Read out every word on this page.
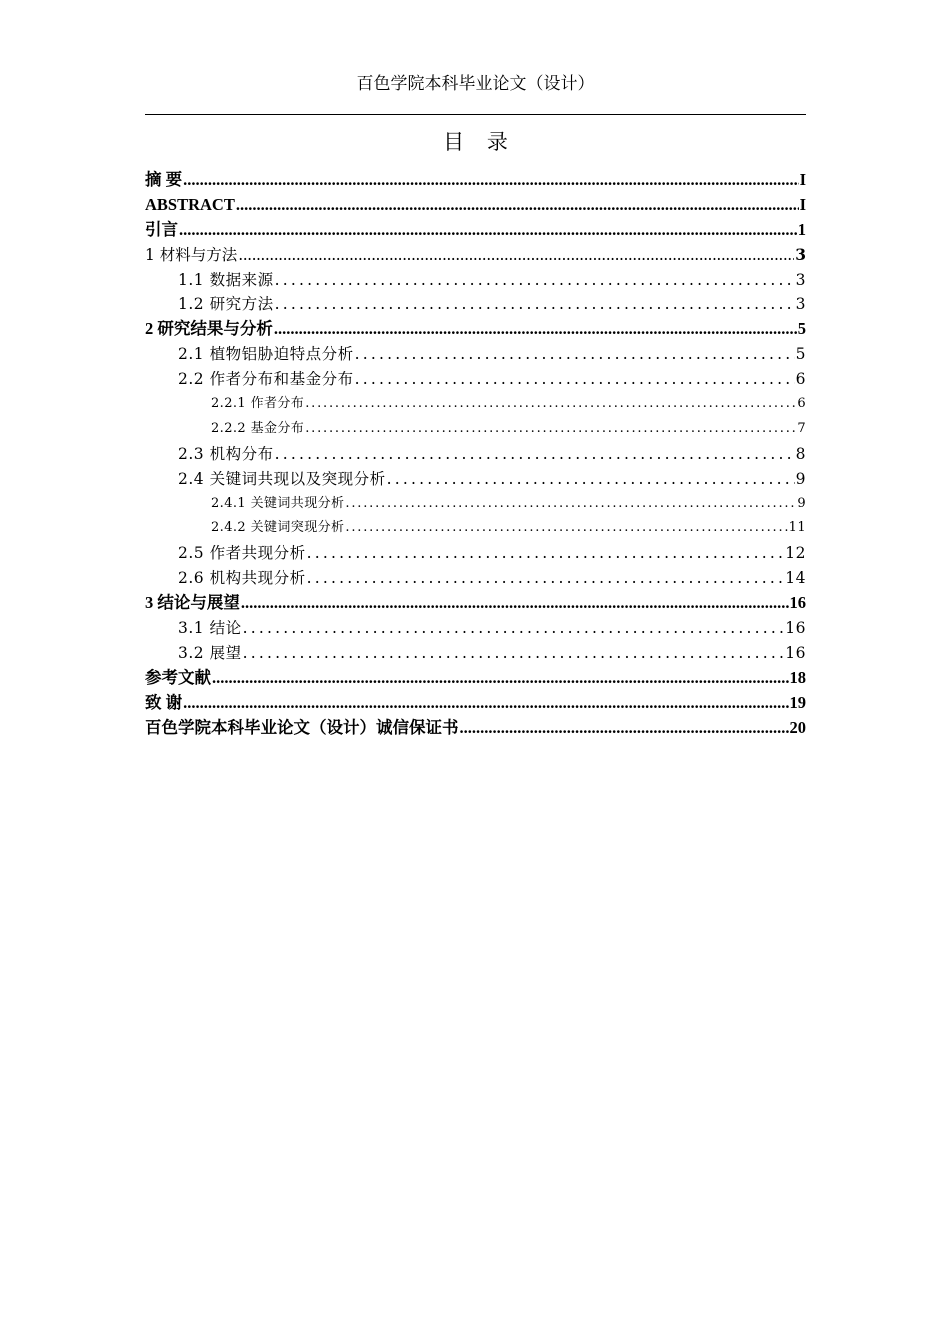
百色学院本科毕业论文（设计）
目 录
摘 要 .....	I
ABSTRACT .....	I
引言 .....	1
1 材料与方法 .....	3
1.1 数据来源 .....	3
1.2 研究方法 .....	3
2 研究结果与分析 .....	5
2.1 植物铝胁迫特点分析 .....	5
2.2 作者分布和基金分布 .....	6
2.2.1 作者分布 .....	6
2.2.2 基金分布 .....	7
2.3 机构分布 .....	8
2.4 关键词共现以及突现分析 .....	9
2.4.1 关键词共现分析 .....	9
2.4.2 关键词突现分析 .....	11
2.5 作者共现分析 .....	12
2.6 机构共现分析 .....	14
3 结论与展望 .....	16
3.1 结论 .....	16
3.2 展望 .....	16
参考文献 .....	18
致 谢 .....	19
百色学院本科毕业论文（设计）诚信保证书 .....	20
